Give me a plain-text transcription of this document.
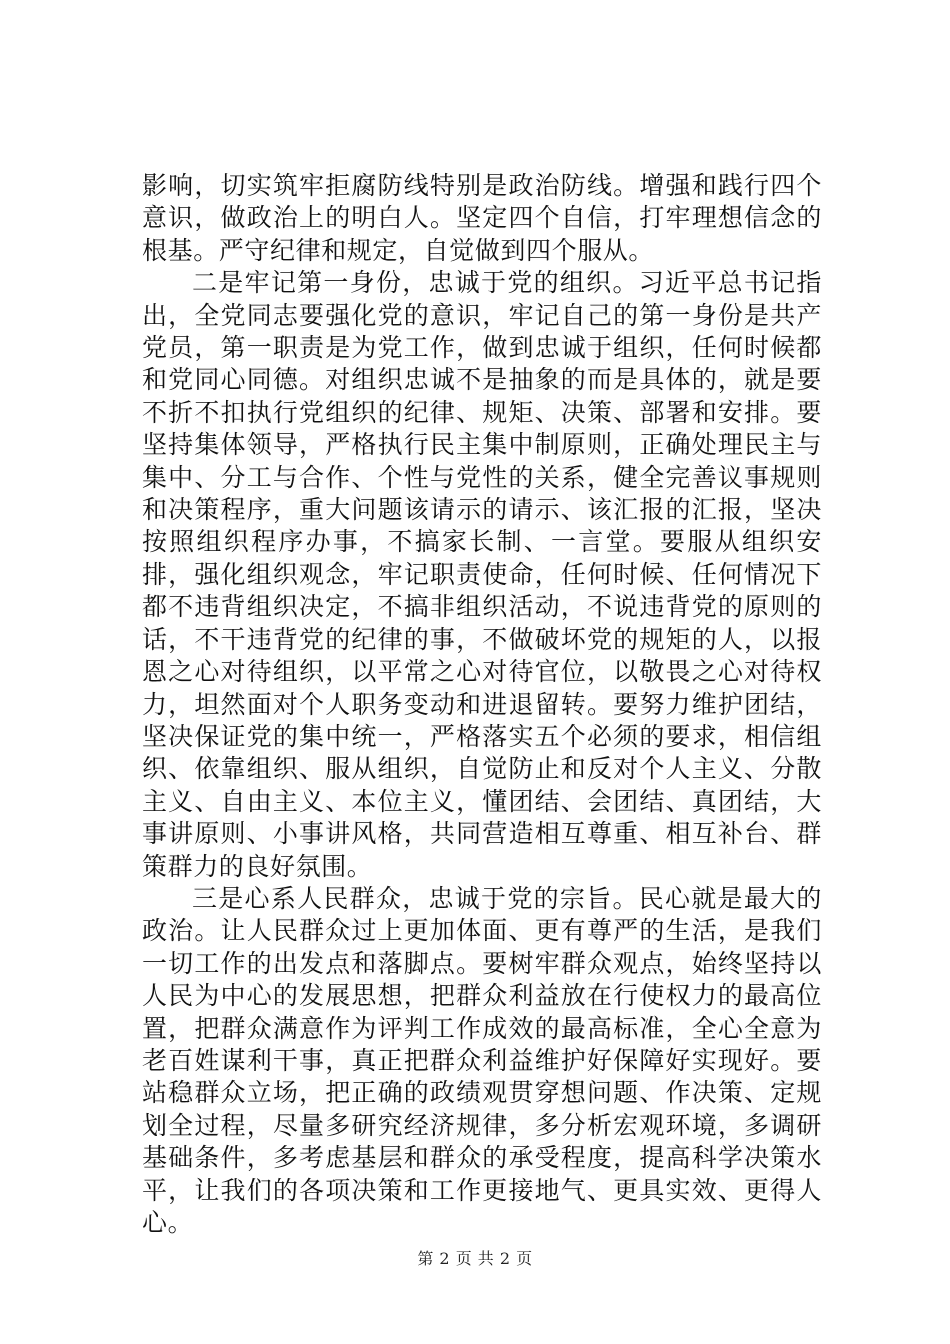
影响，切实筑牢拒腐防线特别是政治防线。增强和践行四个意识，做政治上的明白人。坚定四个自信，打牢理想信念的根基。严守纪律和规定，自觉做到四个服从。

二是牢记第一身份，忠诚于党的组织。习近平总书记指出，全党同志要强化党的意识，牢记自己的第一身份是共产党员，第一职责是为党工作，做到忠诚于组织，任何时候都和党同心同德。对组织忠诚不是抽象的而是具体的，就是要不折不扣执行党组织的纪律、规矩、决策、部署和安排。要坚持集体领导，严格执行民主集中制原则，正确处理民主与集中、分工与合作、个性与党性的关系，健全完善议事规则和决策程序，重大问题该请示的请示、该汇报的汇报，坚决按照组织程序办事，不搞家长制、一言堂。要服从组织安排，强化组织观念，牢记职责使命，任何时候、任何情况下都不违背组织决定，不搞非组织活动，不说违背党的原则的话，不干违背党的纪律的事，不做破坏党的规矩的人，以报恩之心对待组织，以平常之心对待官位，以敬畏之心对待权力，坦然面对个人职务变动和进退留转。要努力维护团结，坚决保证党的集中统一，严格落实五个必须的要求，相信组织、依靠组织、服从组织，自觉防止和反对个人主义、分散主义、自由主义、本位主义，懂团结、会团结、真团结，大事讲原则、小事讲风格，共同营造相互尊重、相互补台、群策群力的良好氛围。

三是心系人民群众，忠诚于党的宗旨。民心就是最大的政治。让人民群众过上更加体面、更有尊严的生活，是我们一切工作的出发点和落脚点。要树牢群众观点，始终坚持以人民为中心的发展思想，把群众利益放在行使权力的最高位置，把群众满意作为评判工作成效的最高标准，全心全意为老百姓谋利干事，真正把群众利益维护好保障好实现好。要站稳群众立场，把正确的政绩观贯穿想问题、作决策、定规划全过程，尽量多研究经济规律，多分析宏观环境，多调研基础条件，多考虑基层和群众的承受程度，提高科学决策水平，让我们的各项决策和工作更接地气、更具实效、更得人心。

第 2 页 共 2 页
